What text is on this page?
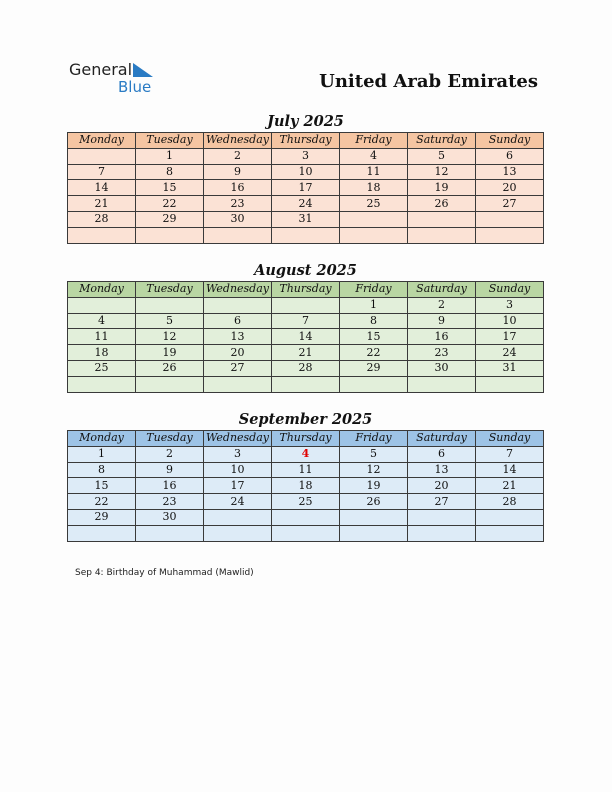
General
Blue	United Arab Emirates
July 2025
Monday	Tuesday	Wednesday	Thursday	Friday	Saturday	Sunday
	1	2	3	4	5	6
7	8	9	10	11	12	13
14	15	16	17	18	19	20
21	22	23	24	25	26	27
28	29	30	31			

August 2025
Monday	Tuesday	Wednesday	Thursday	Friday	Saturday	Sunday
				1	2	3
4	5	6	7	8	9	10
11	12	13	14	15	16	17
18	19	20	21	22	23	24
25	26	27	28	29	30	31

September 2025
Monday	Tuesday	Wednesday	Thursday	Friday	Saturday	Sunday
1	2	3	4	5	6	7
8	9	10	11	12	13	14
15	16	17	18	19	20	21
22	23	24	25	26	27	28
29	30					

Sep 4: Birthday of Muhammad (Mawlid)
